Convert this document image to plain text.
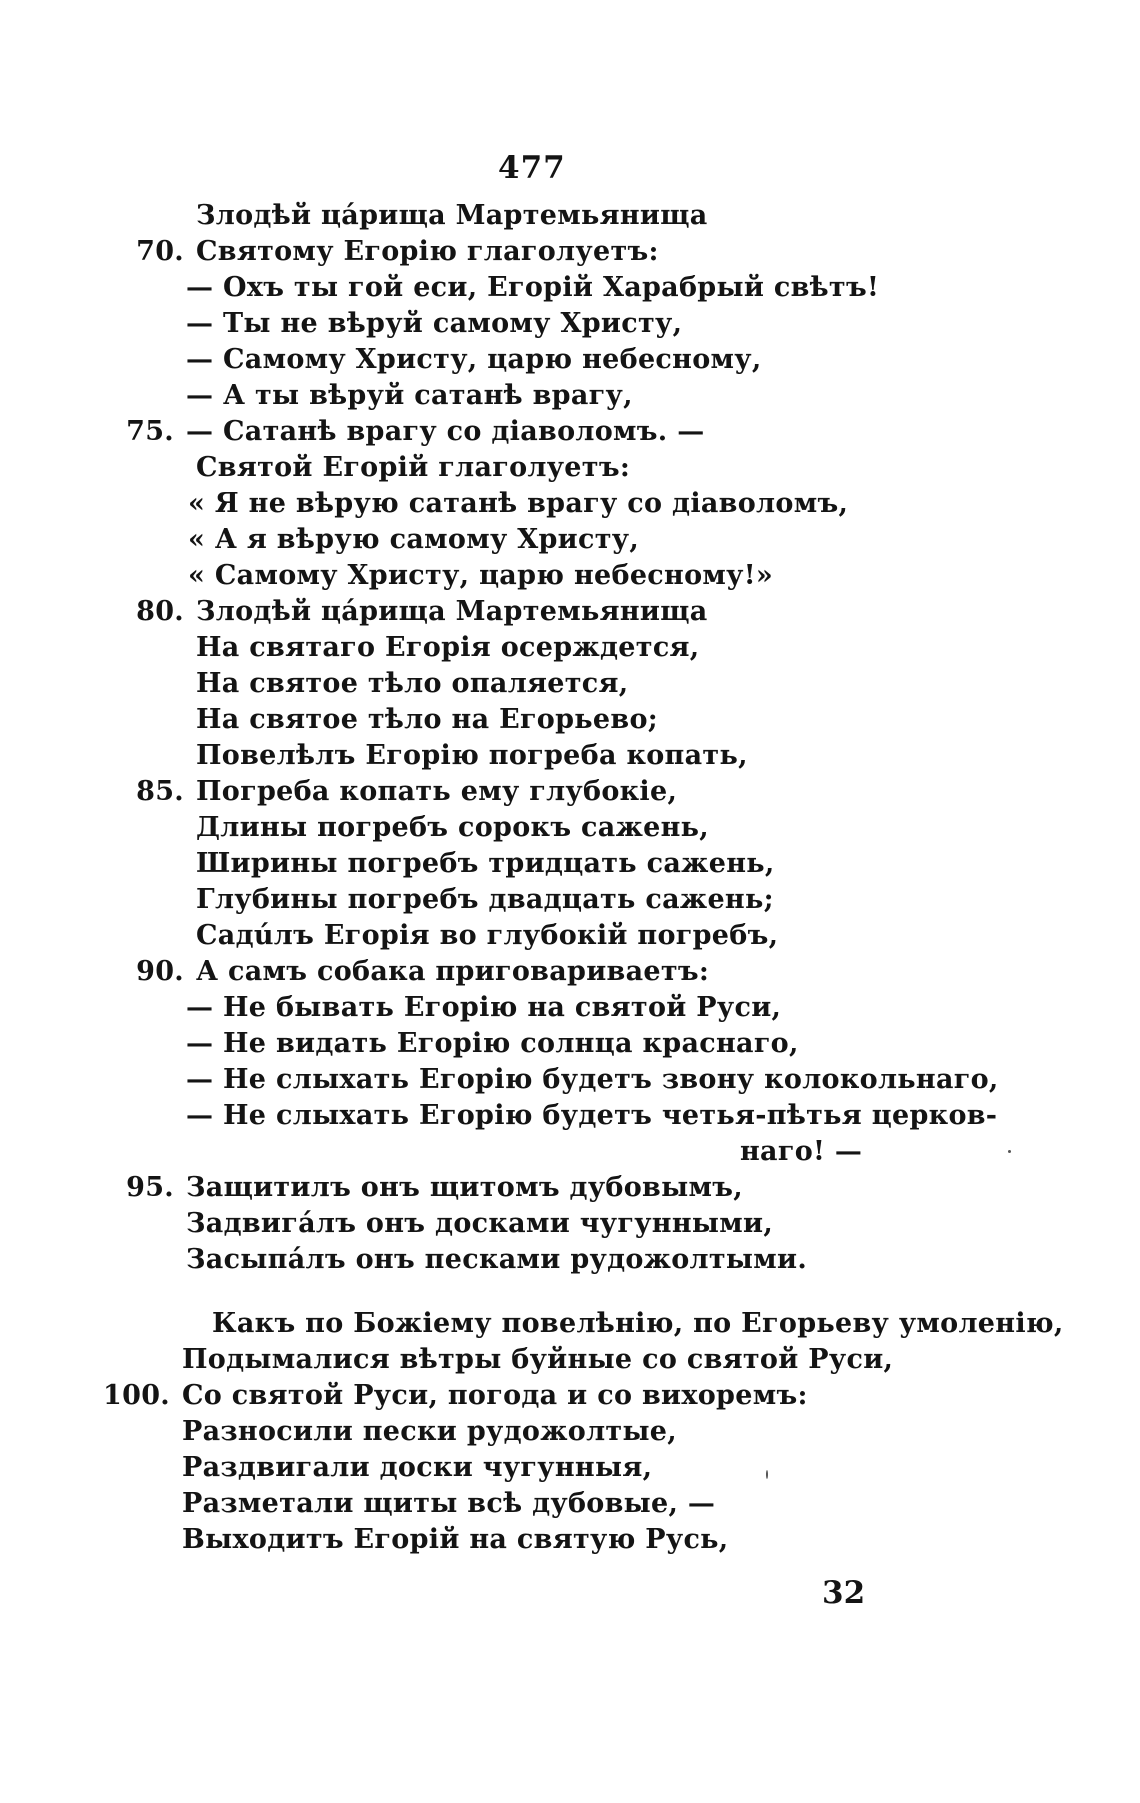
477
Злодѣй цáрища Мартемьянища
70. Святому Егорію глаголуетъ:
— Охъ ты гой еси, Егорій Харабрый свѣтъ!
— Ты не вѣруй самому Христу,
— Самому Христу, царю небесному,
— А ты вѣруй сатанѣ врагу,
75. — Сатанѣ врагу со діаволомъ. —
Святой Егорій глаголуетъ:
« Я не вѣрую сатанѣ врагу со діаволомъ,
« А я вѣрую самому Христу,
« Самому Христу, царю небесному!»
80. Злодѣй цáрища Мартемьянища
На святаго Егорія осерждется,
На святое тѣло опаляется,
На святое тѣло на Егорьево;
Повелѣлъ Егорію погреба копать,
85. Погреба копать ему глубокіе,
Длины погребъ сорокъ сажень,
Ширины погребъ тридцать сажень,
Глубины погребъ двадцать сажень;
Садúлъ Егорія во глубокій погребъ,
90. А самъ собака приговариваетъ:
— Не бывать Егорію на святой Руси,
— Не видать Егорію солнца краснаго,
— Не слыхать Егорію будетъ звону колокольнаго,
— Не слыхать Егорію будетъ четья-пѣтья церков-
наго! —
95. Защитилъ онъ щитомъ дубовымъ,
Задвигáлъ онъ досками чугунными,
Засыпáлъ онъ песками рудожолтыми.
Какъ по Божіему повелѣнію, по Егорьеву умоленію,
Подымалися вѣтры буйные со святой Руси,
100. Со святой Руси, погода и со вихоремъ:
Разносили пески рудожолтые,
Раздвигали доски чугунныя,
Разметали щиты всѣ дубовые, —
Выходитъ Егорій на святую Русь,
32
